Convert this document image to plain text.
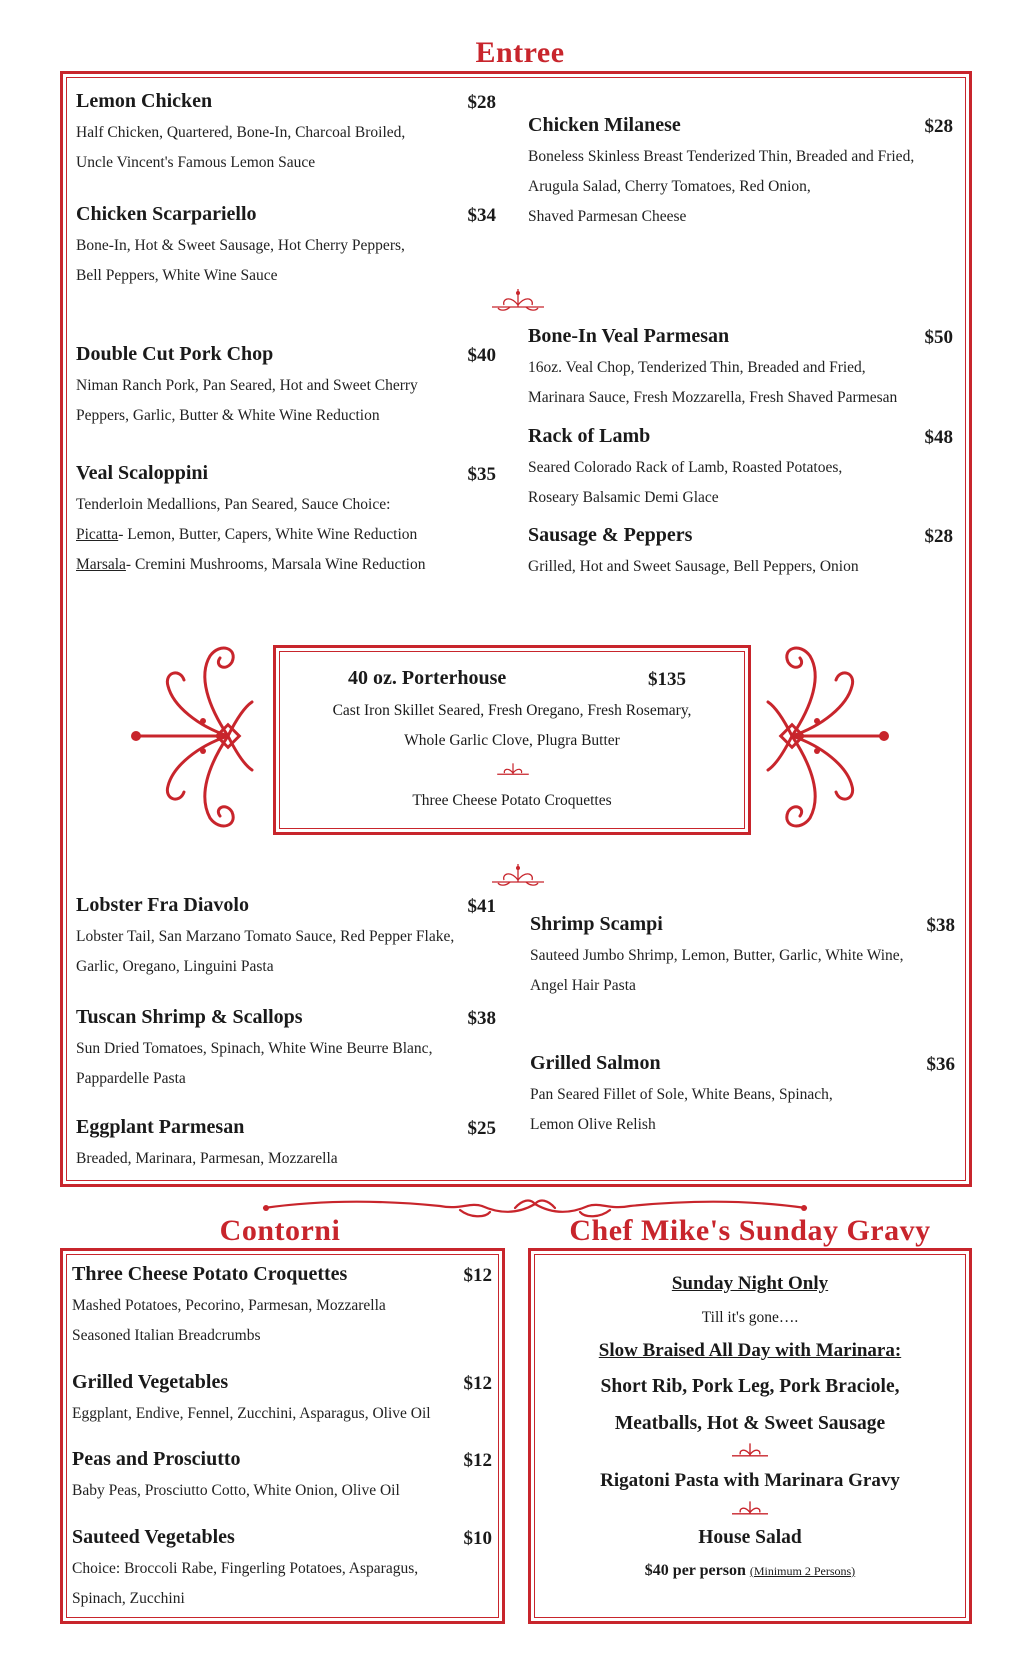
Entree
Lemon Chicken	$28
Half Chicken, Quartered, Bone-In, Charcoal Broiled,
Uncle Vincent's Famous Lemon Sauce
Chicken Scarpariello	$34
Bone-In, Hot & Sweet Sausage, Hot Cherry Peppers,
Bell Peppers, White Wine Sauce
Double Cut Pork Chop	$40
Niman Ranch Pork, Pan Seared, Hot and Sweet Cherry
Peppers, Garlic, Butter & White Wine Reduction
Veal Scaloppini	$35
Tenderloin Medallions, Pan Seared, Sauce Choice:
Picatta- Lemon, Butter, Capers, White Wine Reduction
Marsala- Cremini Mushrooms, Marsala Wine Reduction
Chicken Milanese	$28
Boneless Skinless Breast Tenderized Thin, Breaded and Fried,
Arugula Salad, Cherry Tomatoes, Red Onion,
Shaved Parmesan Cheese
Bone-In Veal Parmesan	$50
16oz. Veal Chop, Tenderized Thin, Breaded and Fried,
Marinara Sauce, Fresh Mozzarella, Fresh Shaved Parmesan
Rack of Lamb	$48
Seared Colorado Rack of Lamb, Roasted Potatoes,
Roseary Balsamic Demi Glace
Sausage & Peppers	$28
Grilled, Hot and Sweet Sausage, Bell Peppers, Onion
40 oz. Porterhouse	$135
Cast Iron Skillet Seared, Fresh Oregano, Fresh Rosemary,
Whole Garlic Clove, Plugra Butter
Three Cheese Potato Croquettes
Lobster Fra Diavolo	$41
Lobster Tail, San Marzano Tomato Sauce, Red Pepper Flake,
Garlic, Oregano, Linguini Pasta
Tuscan Shrimp & Scallops	$38
Sun Dried Tomatoes, Spinach, White Wine Beurre Blanc,
Pappardelle Pasta
Eggplant Parmesan	$25
Breaded, Marinara, Parmesan, Mozzarella
Shrimp Scampi	$38
Sauteed Jumbo Shrimp, Lemon, Butter, Garlic, White Wine,
Angel Hair Pasta
Grilled Salmon	$36
Pan Seared Fillet of Sole, White Beans, Spinach,
Lemon Olive Relish
Contorni
Three Cheese Potato Croquettes	$12
Mashed Potatoes, Pecorino, Parmesan, Mozzarella
Seasoned Italian Breadcrumbs
Grilled Vegetables	$12
Eggplant, Endive, Fennel, Zucchini, Asparagus, Olive Oil
Peas and Prosciutto	$12
Baby Peas, Prosciutto Cotto, White Onion, Olive Oil
Sauteed Vegetables	$10
Choice: Broccoli Rabe, Fingerling Potatoes, Asparagus,
Spinach, Zucchini
Chef Mike's Sunday Gravy
Sunday Night Only
Till it's gone….
Slow Braised All Day with Marinara:
Short Rib, Pork Leg, Pork Braciole,
Meatballs, Hot & Sweet Sausage
Rigatoni Pasta with Marinara Gravy
House Salad
$40 per person (Minimum 2 Persons)
